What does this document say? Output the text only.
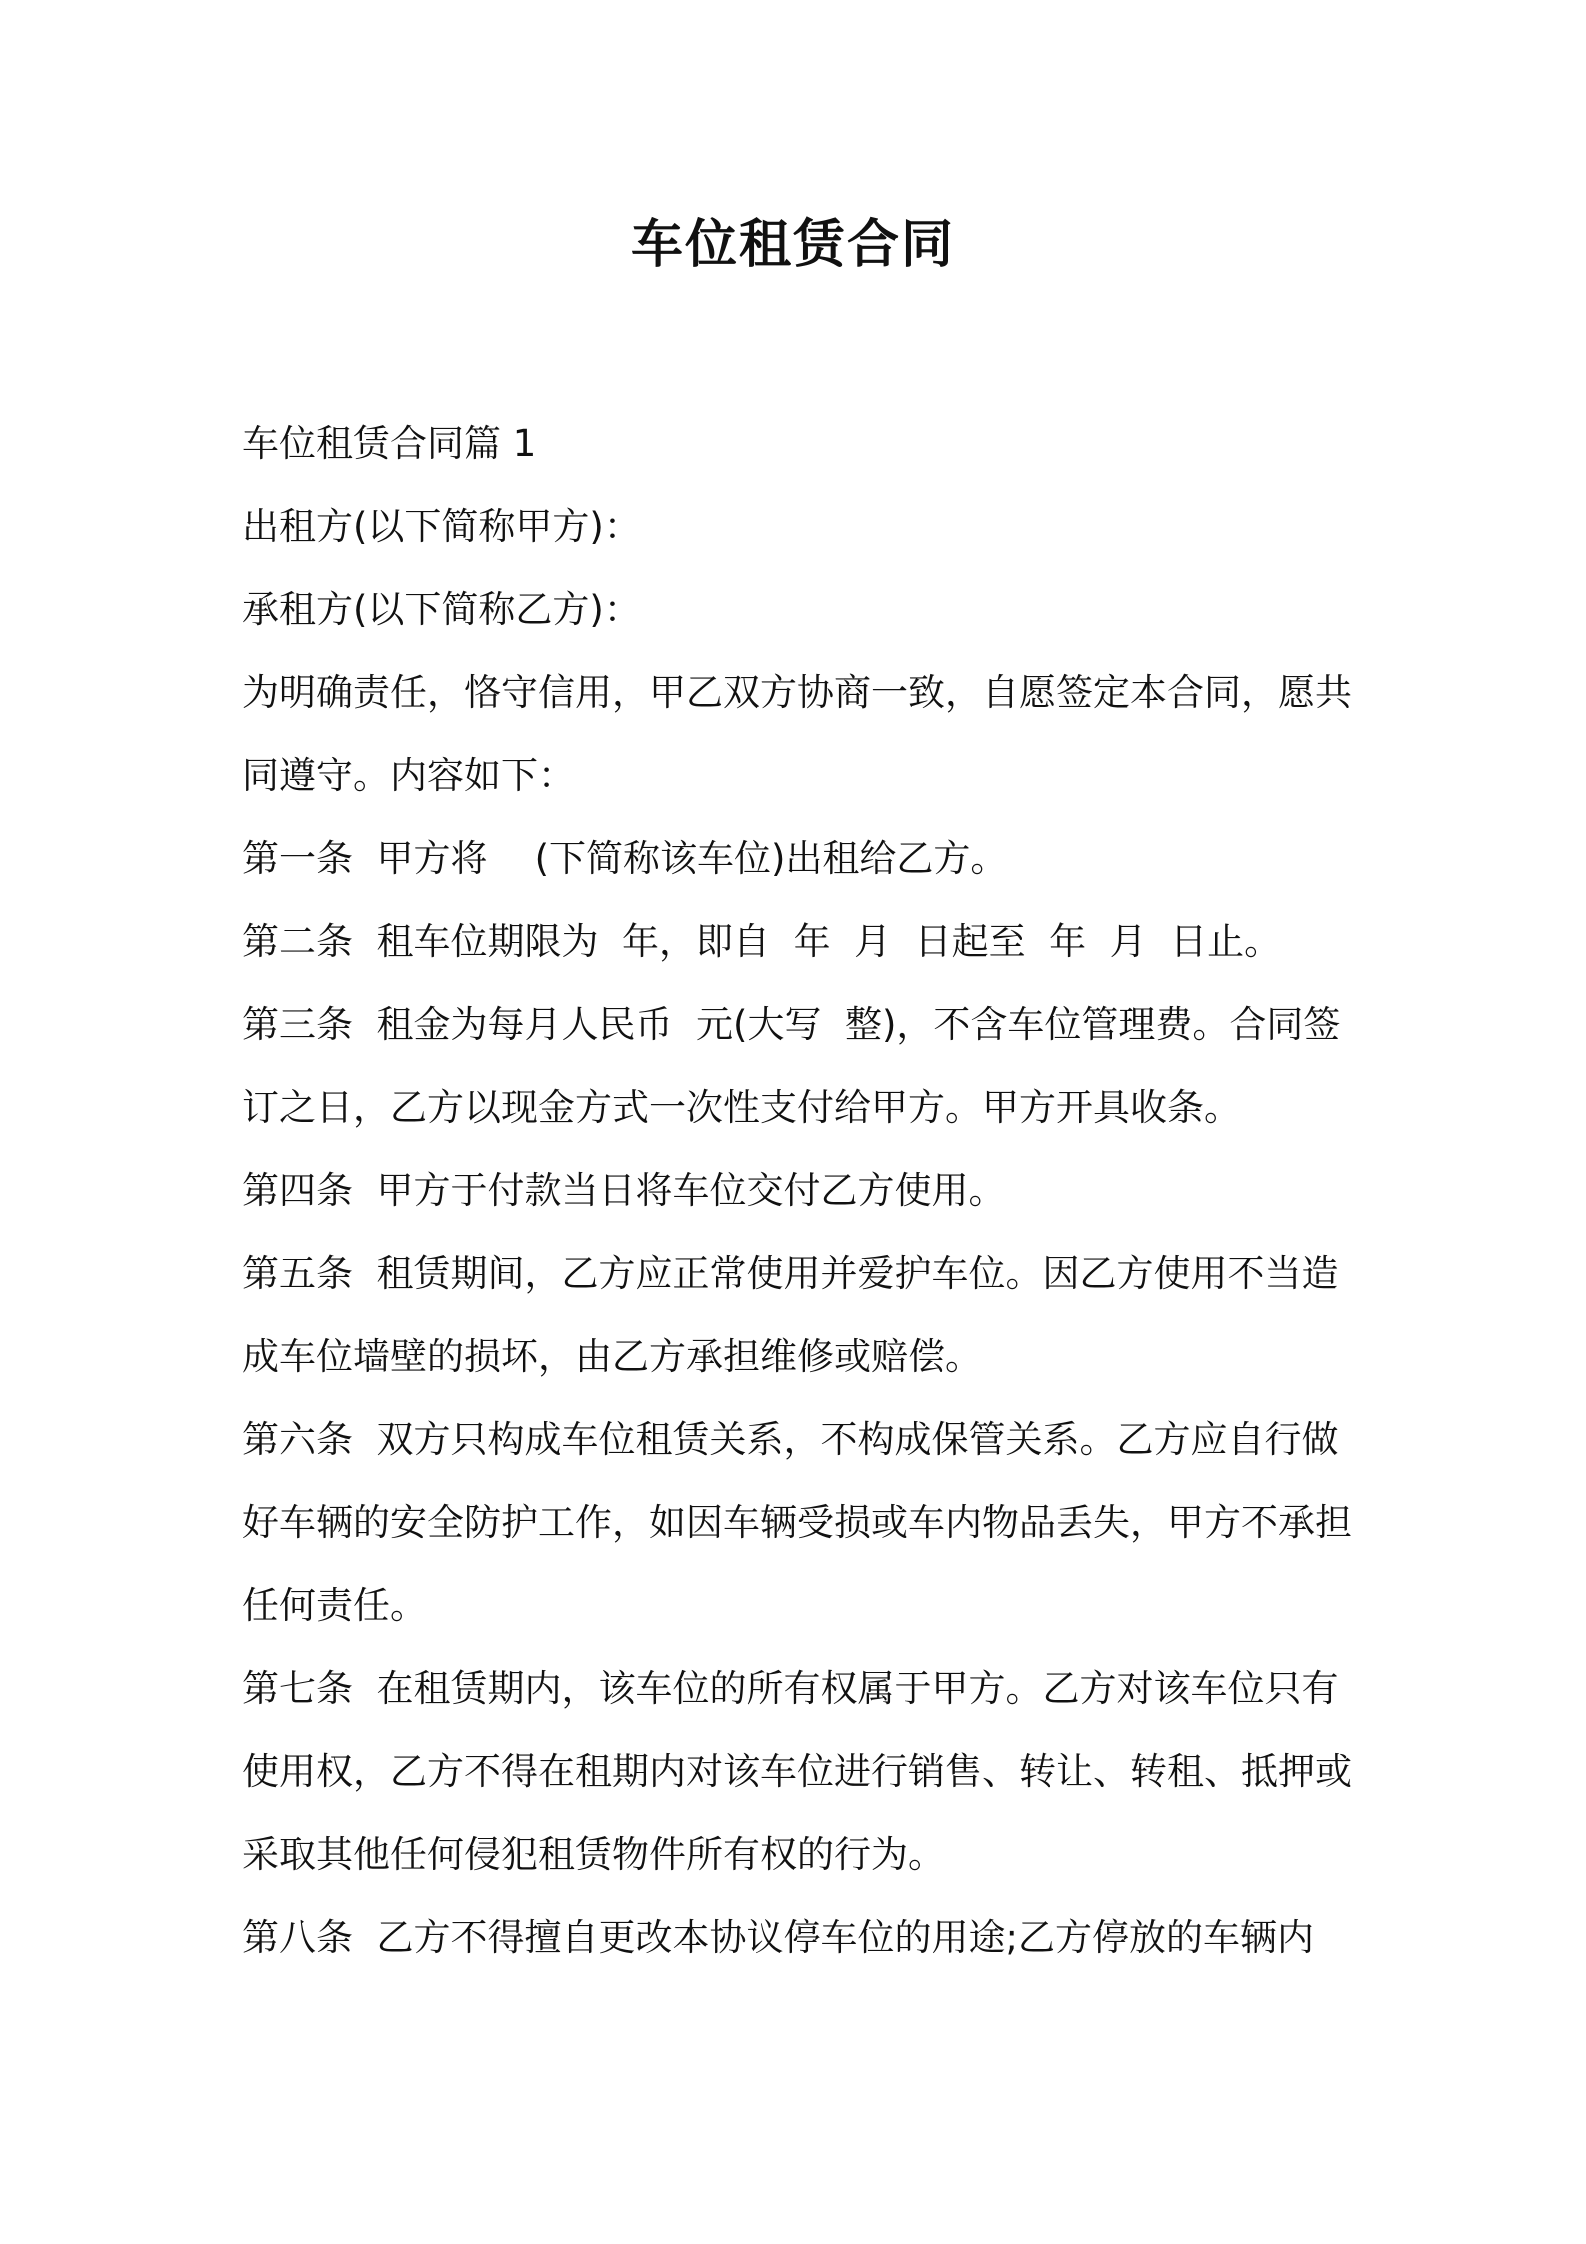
车位租赁合同
车位租赁合同篇 1
出租方(以下简称甲方)：
承租方(以下简称乙方)：
为明确责任，恪守信用，甲乙双方协商一致，自愿签定本合同，愿共
同遵守。内容如下：
第一条  甲方将    (下简称该车位)出租给乙方。
第二条  租车位期限为  年，即自  年  月  日起至  年  月  日止。
第三条  租金为每月人民币  元(大写  整)，不含车位管理费。合同签
订之日，乙方以现金方式一次性支付给甲方。甲方开具收条。
第四条  甲方于付款当日将车位交付乙方使用。
第五条  租赁期间，乙方应正常使用并爱护车位。因乙方使用不当造
成车位墙壁的损坏，由乙方承担维修或赔偿。
第六条  双方只构成车位租赁关系，不构成保管关系。乙方应自行做
好车辆的安全防护工作，如因车辆受损或车内物品丢失，甲方不承担
任何责任。
第七条  在租赁期内，该车位的所有权属于甲方。乙方对该车位只有
使用权，乙方不得在租期内对该车位进行销售、转让、转租、抵押或
采取其他任何侵犯租赁物件所有权的行为。
第八条  乙方不得擅自更改本协议停车位的用途;乙方停放的车辆内
